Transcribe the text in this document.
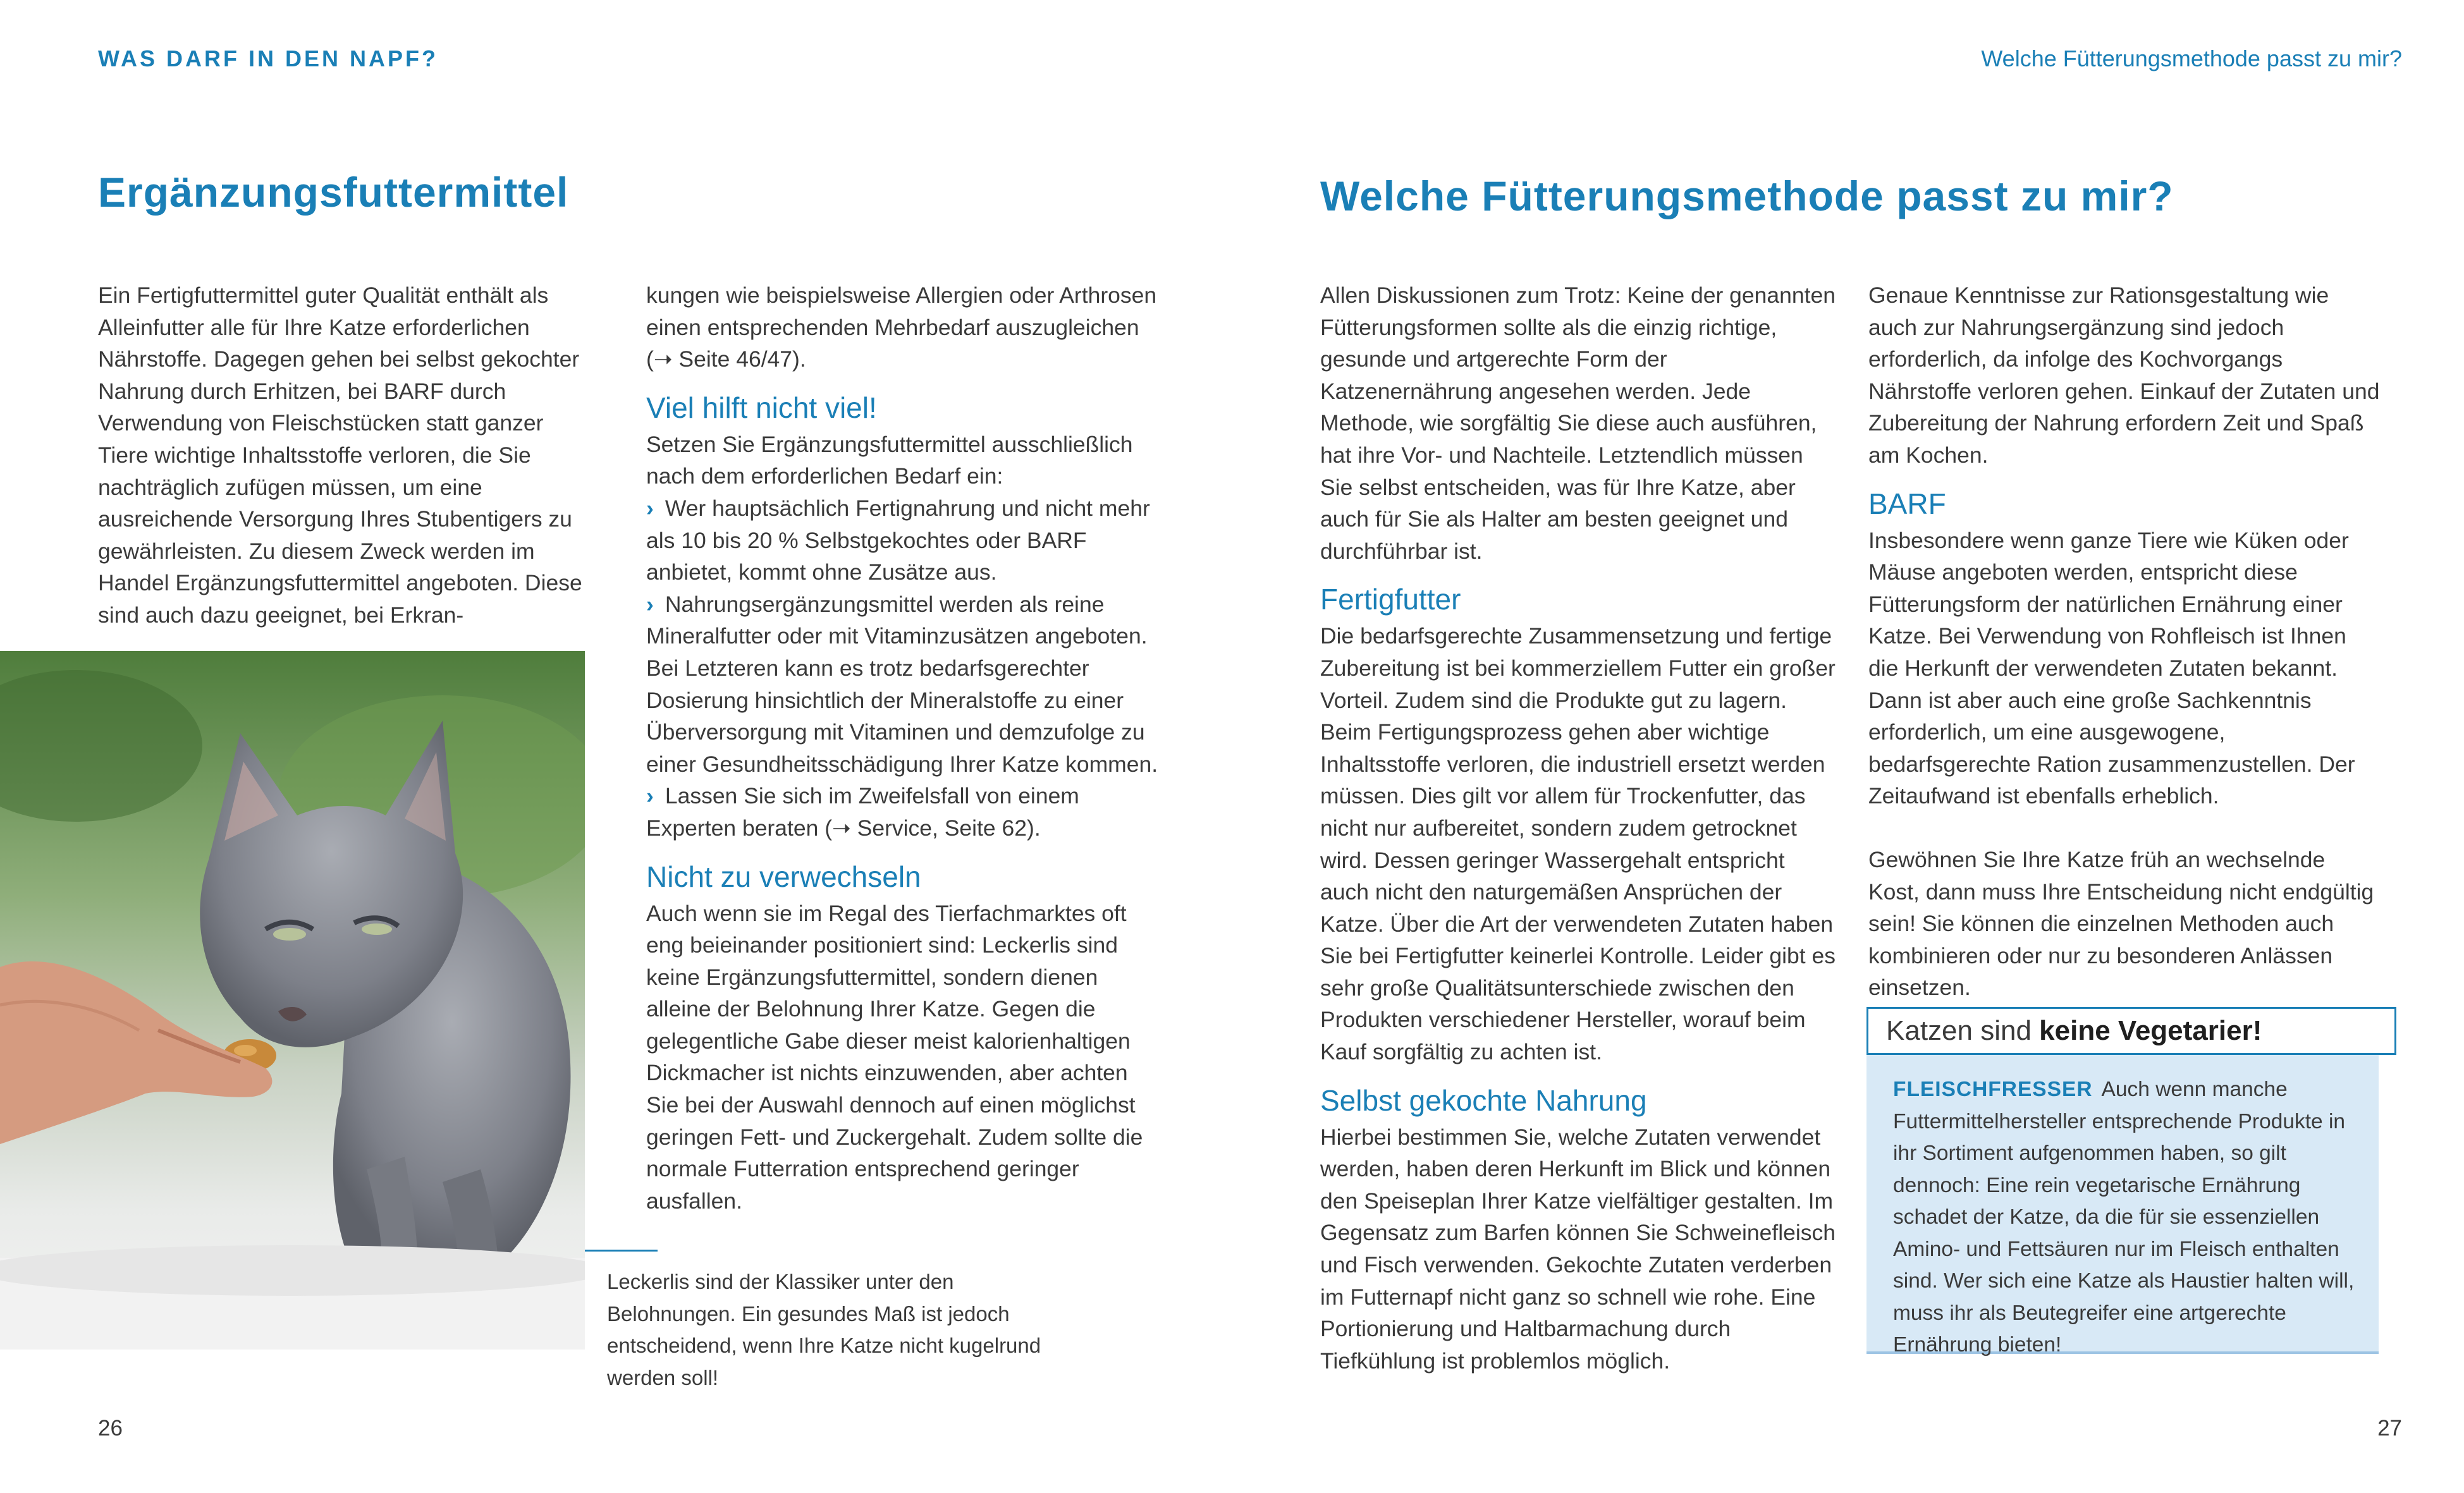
WAS DARF IN DEN NAPF?	Welche Fütterungsmethode passt zu mir?
Ergänzungsfuttermittel

Ein Fertigfuttermittel guter Qualität enthält als Alleinfutter alle für Ihre Katze erforderlichen Nährstoffe. Dagegen gehen bei selbst gekochter Nahrung durch Erhitzen, bei BARF durch Verwendung von Fleischstücken statt ganzer Tiere wichtige Inhaltsstoffe verloren, die Sie nachträglich zufügen müssen, um eine ausreichende Versorgung Ihres Stubentigers zu gewährleisten. Zu diesem Zweck werden im Handel Ergänzungsfuttermittel angeboten. Diese sind auch dazu geeignet, bei Erkran-

kungen wie beispielsweise Allergien oder Arthrosen einen entsprechenden Mehrbedarf auszugleichen (➝ Seite 46/47).

Viel hilft nicht viel!

Setzen Sie Ergänzungsfuttermittel ausschließlich nach dem erforderlichen Bedarf ein:

› Wer hauptsächlich Fertignahrung und nicht mehr als 10 bis 20 % Selbstgekochtes oder BARF anbietet, kommt ohne Zusätze aus.

› Nahrungsergänzungsmittel werden als reine Mineralfutter oder mit Vitaminzusätzen angeboten. Bei Letzteren kann es trotz bedarfsgerechter Dosierung hinsichtlich der Mineralstoffe zu einer Überversorgung mit Vitaminen und demzufolge zu einer Gesundheitsschädigung Ihrer Katze kommen.

› Lassen Sie sich im Zweifelsfall von einem Experten beraten (➝ Service, Seite 62).

Nicht zu verwechseln

Auch wenn sie im Regal des Tierfachmarktes oft eng beieinander positioniert sind: Leckerlis sind keine Ergänzungsfuttermittel, sondern dienen alleine der Belohnung Ihrer Katze. Gegen die gelegentliche Gabe dieser meist kalorienhaltigen Dickmacher ist nichts einzuwenden, aber achten Sie bei der Auswahl dennoch auf einen möglichst geringen Fett- und Zuckergehalt. Zudem sollte die normale Futterration entsprechend geringer ausfallen.

Leckerlis sind der Klassiker unter den Belohnungen. Ein gesundes Maß ist jedoch entscheidend, wenn Ihre Katze nicht kugelrund werden soll!
26
Welche Fütterungsmethode passt zu mir?

Allen Diskussionen zum Trotz: Keine der genannten Fütterungsformen sollte als die einzig richtige, gesunde und artgerechte Form der Katzenernährung angesehen werden. Jede Methode, wie sorgfältig Sie diese auch ausführen, hat ihre Vor- und Nachteile. Letztendlich müssen Sie selbst entscheiden, was für Ihre Katze, aber auch für Sie als Halter am besten geeignet und durchführbar ist.

Fertigfutter

Die bedarfsgerechte Zusammensetzung und fertige Zubereitung ist bei kommerziellem Futter ein großer Vorteil. Zudem sind die Produkte gut zu lagern. Beim Fertigungsprozess gehen aber wichtige Inhaltsstoffe verloren, die industriell ersetzt werden müssen. Dies gilt vor allem für Trockenfutter, das nicht nur aufbereitet, sondern zudem getrocknet wird. Dessen geringer Wassergehalt entspricht auch nicht den naturgemäßen Ansprüchen der Katze. Über die Art der verwendeten Zutaten haben Sie bei Fertigfutter keinerlei Kontrolle. Leider gibt es sehr große Qualitätsunterschiede zwischen den Produkten verschiedener Hersteller, worauf beim Kauf sorgfältig zu achten ist.

Selbst gekochte Nahrung

Hierbei bestimmen Sie, welche Zutaten verwendet werden, haben deren Herkunft im Blick und können den Speiseplan Ihrer Katze vielfältiger gestalten. Im Gegensatz zum Barfen können Sie Schweinefleisch und Fisch verwenden. Gekochte Zutaten verderben im Futternapf nicht ganz so schnell wie rohe. Eine Portionierung und Haltbarmachung durch Tiefkühlung ist problemlos möglich.

Genaue Kenntnisse zur Rationsgestaltung wie auch zur Nahrungsergänzung sind jedoch erforderlich, da infolge des Kochvorgangs Nährstoffe verloren gehen. Einkauf der Zutaten und Zubereitung der Nahrung erfordern Zeit und Spaß am Kochen.

BARF

Insbesondere wenn ganze Tiere wie Küken oder Mäuse angeboten werden, entspricht diese Fütterungsform der natürlichen Ernährung einer Katze. Bei Verwendung von Rohfleisch ist Ihnen die Herkunft der verwendeten Zutaten bekannt. Dann ist aber auch eine große Sachkenntnis erforderlich, um eine ausgewogene, bedarfsgerechte Ration zusammenzustellen. Der Zeitaufwand ist ebenfalls erheblich.

Gewöhnen Sie Ihre Katze früh an wechselnde Kost, dann muss Ihre Entscheidung nicht endgültig sein! Sie können die einzelnen Methoden auch kombinieren oder nur zu besonderen Anlässen einsetzen.

Katzen sind keine Vegetarier!
FLEISCHFRESSER Auch wenn manche Futtermittelhersteller entsprechende Produkte in ihr Sortiment aufgenommen haben, so gilt dennoch: Eine rein vegetarische Ernährung schadet der Katze, da die für sie essenziellen Amino- und Fettsäuren nur im Fleisch enthalten sind. Wer sich eine Katze als Haustier halten will, muss ihr als Beutegreifer eine artgerechte Ernährung bieten!
27
